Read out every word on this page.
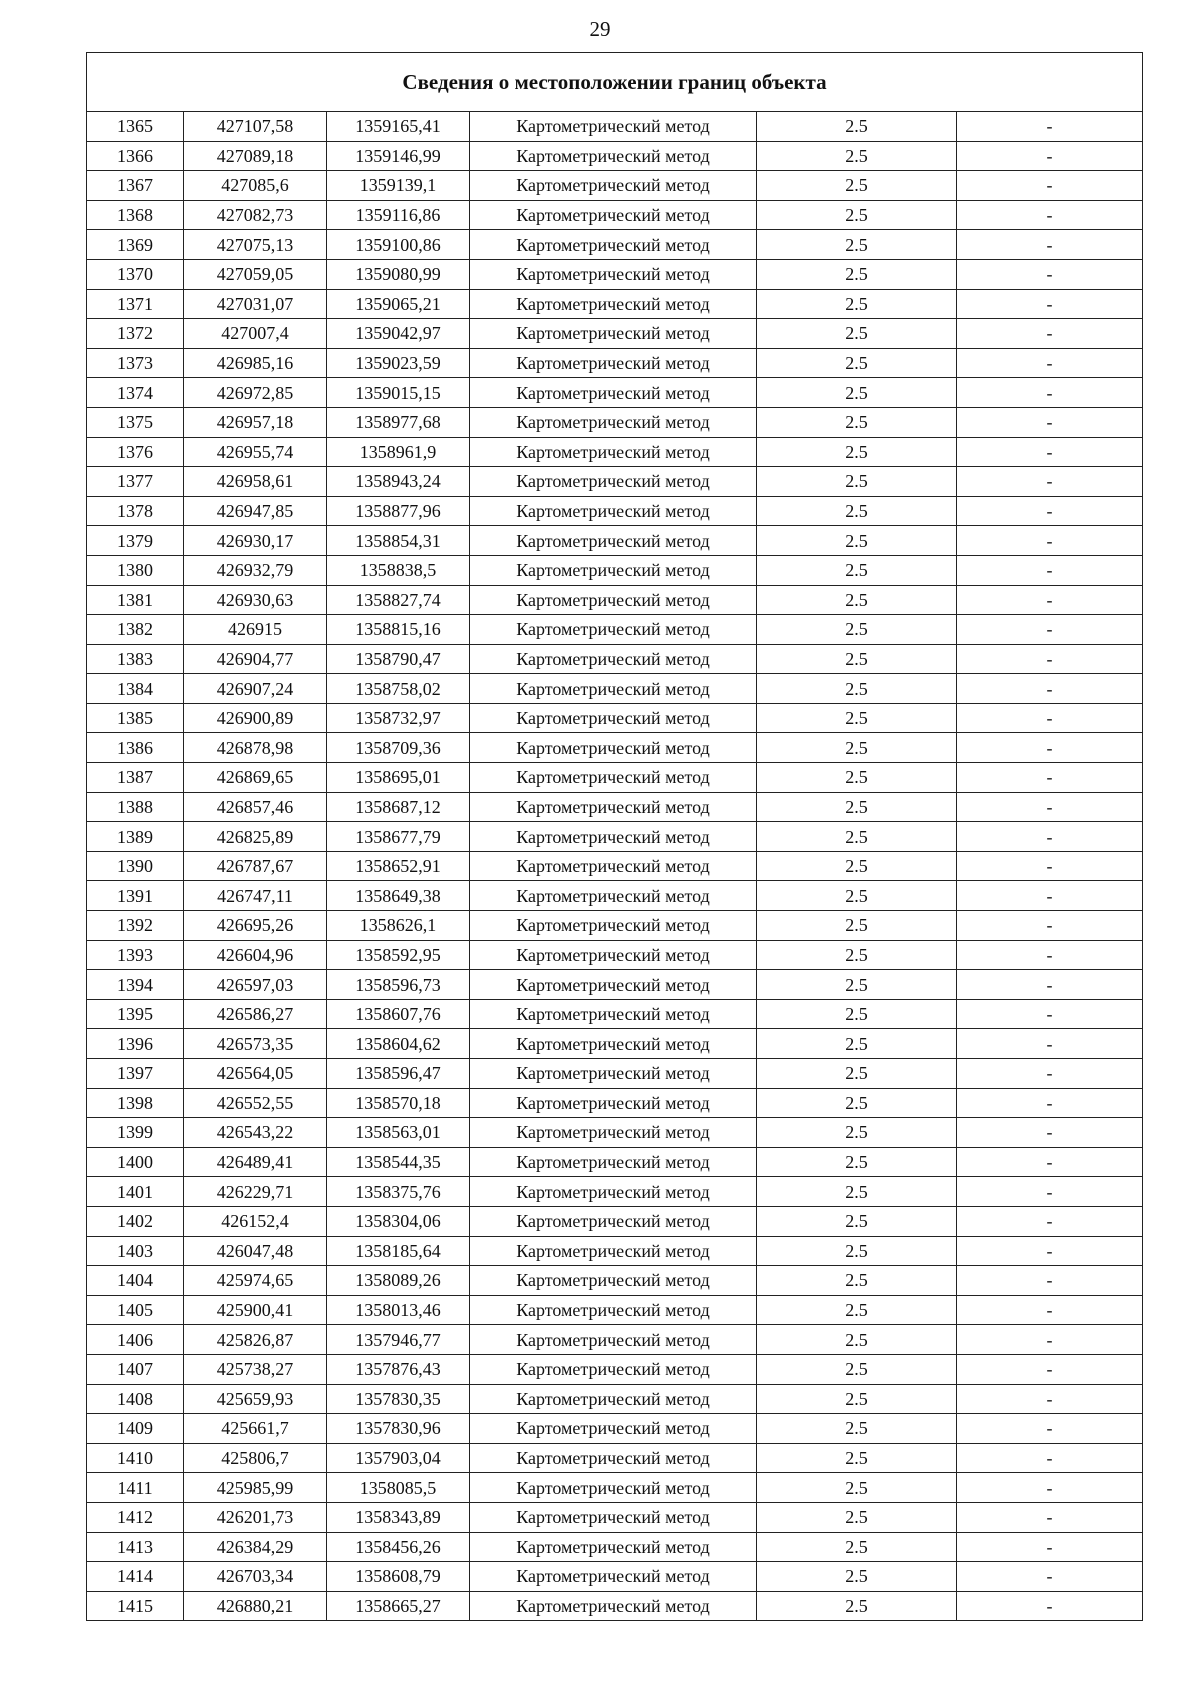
29
Сведения о местоположении границ объекта					
1365	427107,58	1359165,41	Картометрический метод	2.5	-
1366	427089,18	1359146,99	Картометрический метод	2.5	-
1367	427085,6	1359139,1	Картометрический метод	2.5	-
1368	427082,73	1359116,86	Картометрический метод	2.5	-
1369	427075,13	1359100,86	Картометрический метод	2.5	-
1370	427059,05	1359080,99	Картометрический метод	2.5	-
1371	427031,07	1359065,21	Картометрический метод	2.5	-
1372	427007,4	1359042,97	Картометрический метод	2.5	-
1373	426985,16	1359023,59	Картометрический метод	2.5	-
1374	426972,85	1359015,15	Картометрический метод	2.5	-
1375	426957,18	1358977,68	Картометрический метод	2.5	-
1376	426955,74	1358961,9	Картометрический метод	2.5	-
1377	426958,61	1358943,24	Картометрический метод	2.5	-
1378	426947,85	1358877,96	Картометрический метод	2.5	-
1379	426930,17	1358854,31	Картометрический метод	2.5	-
1380	426932,79	1358838,5	Картометрический метод	2.5	-
1381	426930,63	1358827,74	Картометрический метод	2.5	-
1382	426915	1358815,16	Картометрический метод	2.5	-
1383	426904,77	1358790,47	Картометрический метод	2.5	-
1384	426907,24	1358758,02	Картометрический метод	2.5	-
1385	426900,89	1358732,97	Картометрический метод	2.5	-
1386	426878,98	1358709,36	Картометрический метод	2.5	-
1387	426869,65	1358695,01	Картометрический метод	2.5	-
1388	426857,46	1358687,12	Картометрический метод	2.5	-
1389	426825,89	1358677,79	Картометрический метод	2.5	-
1390	426787,67	1358652,91	Картометрический метод	2.5	-
1391	426747,11	1358649,38	Картометрический метод	2.5	-
1392	426695,26	1358626,1	Картометрический метод	2.5	-
1393	426604,96	1358592,95	Картометрический метод	2.5	-
1394	426597,03	1358596,73	Картометрический метод	2.5	-
1395	426586,27	1358607,76	Картометрический метод	2.5	-
1396	426573,35	1358604,62	Картометрический метод	2.5	-
1397	426564,05	1358596,47	Картометрический метод	2.5	-
1398	426552,55	1358570,18	Картометрический метод	2.5	-
1399	426543,22	1358563,01	Картометрический метод	2.5	-
1400	426489,41	1358544,35	Картометрический метод	2.5	-
1401	426229,71	1358375,76	Картометрический метод	2.5	-
1402	426152,4	1358304,06	Картометрический метод	2.5	-
1403	426047,48	1358185,64	Картометрический метод	2.5	-
1404	425974,65	1358089,26	Картометрический метод	2.5	-
1405	425900,41	1358013,46	Картометрический метод	2.5	-
1406	425826,87	1357946,77	Картометрический метод	2.5	-
1407	425738,27	1357876,43	Картометрический метод	2.5	-
1408	425659,93	1357830,35	Картометрический метод	2.5	-
1409	425661,7	1357830,96	Картометрический метод	2.5	-
1410	425806,7	1357903,04	Картометрический метод	2.5	-
1411	425985,99	1358085,5	Картометрический метод	2.5	-
1412	426201,73	1358343,89	Картометрический метод	2.5	-
1413	426384,29	1358456,26	Картометрический метод	2.5	-
1414	426703,34	1358608,79	Картометрический метод	2.5	-
1415	426880,21	1358665,27	Картометрический метод	2.5	-
